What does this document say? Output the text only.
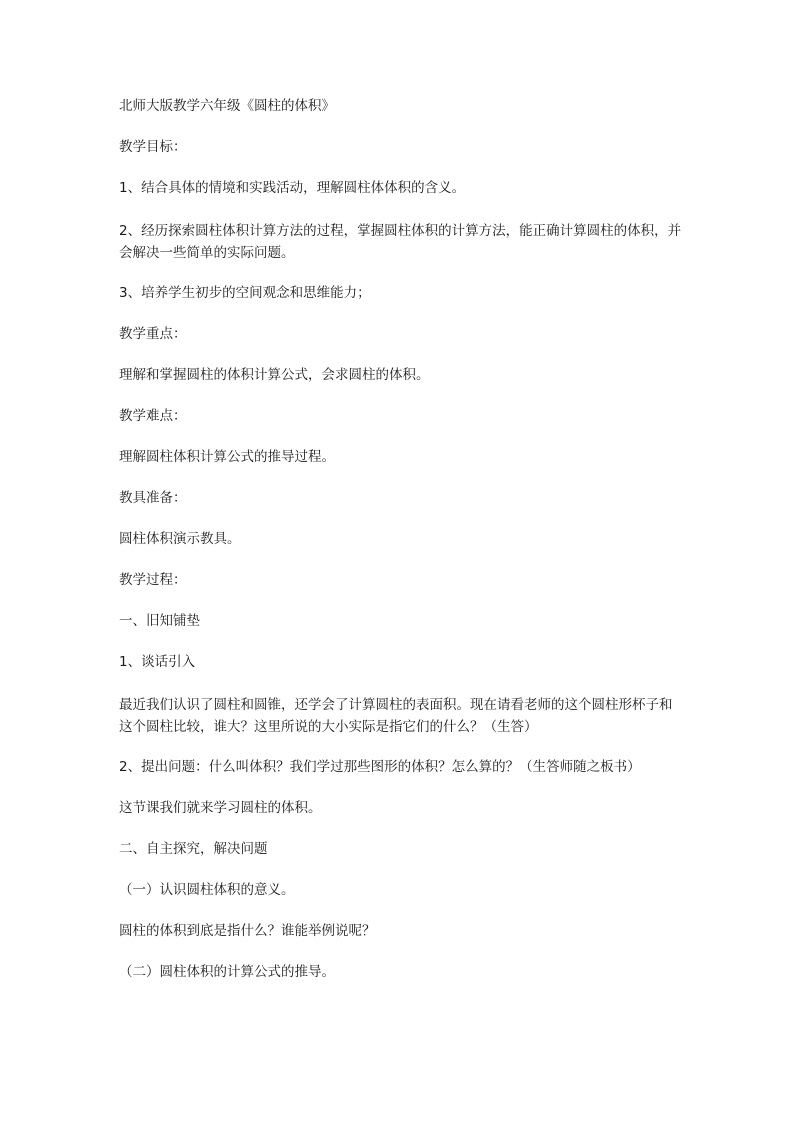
北师大版教学六年级《圆柱的体积》
教学目标：
1、结合具体的情境和实践活动，理解圆柱体体积的含义。
2、经历探索圆柱体积计算方法的过程，掌握圆柱体积的计算方法，能正确计算圆柱的体积，并会解决一些简单的实际问题。
3、培养学生初步的空间观念和思维能力；
教学重点：
理解和掌握圆柱的体积计算公式，会求圆柱的体积。
教学难点：
理解圆柱体积计算公式的推导过程。
教具准备：
圆柱体积演示教具。
教学过程：
一、旧知铺垫
1、谈话引入
最近我们认识了圆柱和圆锥，还学会了计算圆柱的表面积。现在请看老师的这个圆柱形杯子和这个圆柱比较，谁大？这里所说的大小实际是指它们的什么？（生答）
2、提出问题：什么叫体积？我们学过那些图形的体积？怎么算的？（生答师随之板书）
这节课我们就来学习圆柱的体积。
二、自主探究，解决问题
（一）认识圆柱体积的意义。
圆柱的体积到底是指什么？谁能举例说呢？
（二）圆柱体积的计算公式的推导。
